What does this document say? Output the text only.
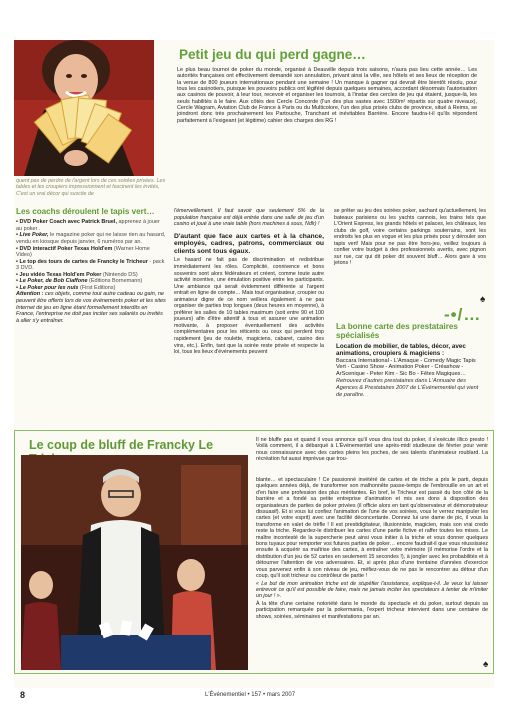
Petit jeu du qui perd gagne…

Le plus beau tournoi de poker du monde, organisé à Deauville depuis trois saisons, n'aura pas lieu cette année… Les autorités françaises ont effectivement demandé son annulation, privant ainsi la ville, ses hôtels et ses lieux de réception de la venue de 800 joueurs internationaux pendant une semaine ! Un manque à gagner qui devrait être bientôt résolu, pour tous les casinotiers, puisque les pouvoirs publics ont légiféré depuis quelques semaines, accordant désormais l'autorisation aux casinos de pouvoir, à leur tour, recevoir et organiser les tournois, à l'instar des cercles de jeu qui étaient, jusque-là, les seuls habilités à le faire. Aux côtés des Cercle Concorde (l'un des plus vastes avec 1500m² répartis sur quatre niveaux), Cercle Wagram, Aviation Club de France à Paris ou du Multicolore, l'un des plus prisés clubs de province, situé à Reims, se joindront donc très prochainement les Partouche, Tranchant et inévitables Barrière. Encore faudra-t-il qu'ils répondent parfaitement à l'exigeant (et légitime) cahier des charges des RG !

quent pas de perdre de l'argent lors de ces soirées privées. Les tables et les croupiers impressionnent et fascinent les invités, C'est un vrai décor qui suscite de

Les coachs déroulent le tapis vert…

• DVD Poker Coach avec Patrick Bruel, apprenez à jouer au poker .

• Live Poker, le magazine poker qui ne laisse rien au hasard, vendu en kiosque depuis janvier, 6 numéros par an.

• DVD interactif Poker Texas Hold'em (Warner Home Video)

• Le top des tours de cartes de Francky le Tricheur - pack 3 DVD.

• Jeu vidéo Texas Hold'em Poker (Nintendo DS)

• Le Poker, de Bob Ciaffone (Editions Bornemann)

• Le Poker pour les nuls (First Editions)

Attention : ces objets, comme tout autre cadeau ou gain, ne peuvent être offerts lors de vos événements poker et les sites Internet de jeu en ligne étant formellement interdits en France, l'entreprise ne doit pas inciter ses salariés ou invités à aller s'y entraîner.

l'émerveillement. Il faut savoir que seulement 5% de la population française est déjà entrée dans une salle de jeu d'un casino et joué à une vraie table (hors machines à sous, Ndlr) !

D'autant que face aux cartes et à la chance, employés, cadres, patrons, commerciaux ou clients sont tous égaux.

Le hasard ne fait pas de discrimination et redistribue immédiatement les rôles. Complicité, connivence et bons souvenirs sont alors fédérateurs et créent, comme toute autre activité incentive, une émulation positive entre les participants. Une ambiance qui serait évidemment différente si l'argent entrait en ligne de compte… Mais tout organisateur, croupier ou animateur digne de ce nom veillera également à ne pas organiser de parties trop longues (deux heures en moyenne), à préférer les salles de 10 tables maximum (soit entre 90 et 100 joueurs) afin d'être attentif à tous et assurer une animation motivante, à proposer éventuellement des activités complémentaires pour les réticents ou ceux qui perdent trop rapidement (jeu de roulette, magiciens, cabaret, casino des vins, etc.). Enfin, tant que la soirée reste privée et respecte la loi, tous les lieux d'événements peuvent

se prêter au jeu des soirées poker, sachant qu'actuellement, les bateaux parisiens ou les yachts cannois, les trains tels que L'Orient Express, les grands hôtels et palaces, les châteaux, les clubs de golf, voire certains parkings souterrains, sont les endroits les plus en vogue et les plus prisés pour y dérouler son tapis vert! Mais pour ne pas être hors-jeu, veillez toujours à confier votre budget à des professionnels avertis, avec pignon sur rue, car qui dit poker dit souvent bluff… Alors gare à vos jetons !

♠
-•/…
La bonne carte des prestataires spécialisés

Location de mobilier, de tables, décor, avec animations, croupiers & magiciens :

Baccara International - L'Amaque - Comedy Magic Tapis Vert - Casino Show - Animation Poker - Créashow - ArScenique - Peter Kim - Sic Bo - Fêtes Magiques…

Retrouvez d'autres prestataires dans L'Annuaire des Agences & Prestataires 2007 de L'Événementiel qui vient de paraître.

Le coup de bluff de Francky Le	Il ne bluffe pas et quand il vous annonce qu'il vous dira tout du poker, il s'exécute illico presto ! Voilà comment, il a débarqué à L'Événementiel une après-midi studieuse de février pour venir nous connaissance avec des cartes pleins les poches, de ses talents d'animateur roublard. La récréation fut aussi imprévue que trou-

blante… et spectaculaire ! Ce passionné invétéré de cartes et de triche a pris le parti, depuis quelques années déjà, de transformer son malhonnête passe-temps de l'embrouille en un art et d'en faire une profession des plus méritantes. En bref, le Tricheur est passé du bon côté de la barrière et a fondé sa petite entreprise d'animation et mis ses dons à disposition des organisateurs de parties de poker privées (il officie alors en tant qu'observateur et démonstrateur dissuasif). Et si vous lui confiez l'animation de l'une de vos soirées, vous le verrez manipuler les cartes (et votre esprit) avec une facilité déconcertante. Donnez lui une dame de pic, il vous la transforme en valet de trèfle ! Il est prestidigitateur, illusionniste, magicien, mais son vrai credo reste la triche. Regardez-le distribuer les cartes d'une partie fictive et raffer toutes les mises. Le maître incontesté de la supercherie peut ainsi vous initier à la triche et vous donner quelques bons tuyaux pour remporter vos futures parties de poker… encore faudrait-il que vous réussissiez ensuite à acquérir sa maîtrise des cartes, à entraîner votre mémoire (il mémorise l'ordre et la distribution d'un jeu de 52 cartes en seulement 15 secondes !), à jongler avec les probabilités et à détourner l'attention de vos adversaires. Et, si après plus d'une trentaine d'années d'exercice vous parvenez enfin à son niveau de jeu, méfiez-vous de ne pas le rencontrer au détour d'un coup, qu'il soit tricheur ou contrôleur de partie !

« Le but de mon animation triche est de stupéfier l'assistance, explique-t-il. Je veux lui laisser entrevoir ce qu'il est possible de faire, mais ne jamais inciter les spectateurs à tenter de m'imiter un jour ! ».

À la tête d'une certaine notoriété dans le monde du spectacle et du poker, surtout depuis sa participation remarquée par la pokermania, l'expert tricheur intervient dans une centaine de shows, soirées, séminaires et manifestations par an.

♠
8	L'Événementiel • 157 • mars 2007
